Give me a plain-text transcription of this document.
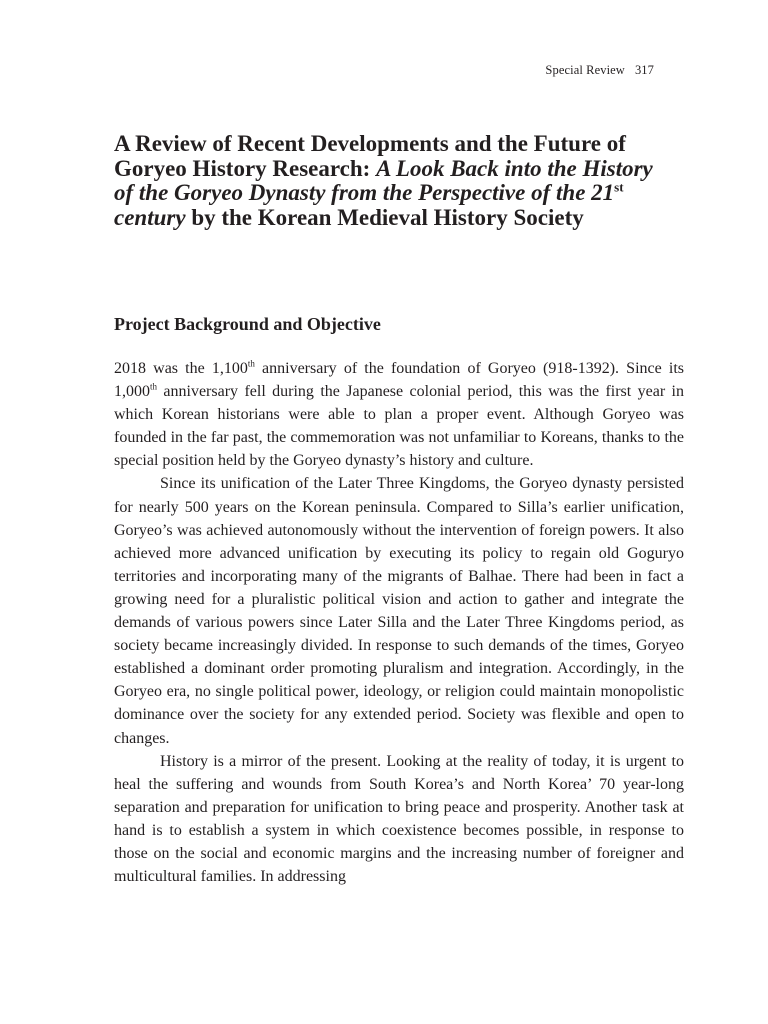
Special Review 317
A Review of Recent Developments and the Future of Goryeo History Research: A Look Back into the History of the Goryeo Dynasty from the Perspective of the 21st century by the Korean Medieval History Society
Project Background and Objective

2018 was the 1,100th anniversary of the foundation of Goryeo (918-1392). Since its 1,000th anniversary fell during the Japanese colonial period, this was the first year in which Korean historians were able to plan a proper event. Although Goryeo was founded in the far past, the commemoration was not unfamiliar to Koreans, thanks to the special position held by the Goryeo dynasty’s history and culture.

Since its unification of the Later Three Kingdoms, the Goryeo dynasty persisted for nearly 500 years on the Korean peninsula. Compared to Silla’s earlier unification, Goryeo’s was achieved autonomously without the intervention of foreign powers. It also achieved more advanced unification by executing its policy to regain old Goguryo territories and incorporating many of the migrants of Balhae. There had been in fact a growing need for a pluralistic political vision and action to gather and integrate the demands of various powers since Later Silla and the Later Three Kingdoms period, as society became increasingly divided. In response to such demands of the times, Goryeo established a dominant order promoting pluralism and integration. Accordingly, in the Goryeo era, no single political power, ideology, or religion could maintain monopolistic dominance over the society for any extended period. Society was flexible and open to changes.

History is a mirror of the present. Looking at the reality of today, it is urgent to heal the suffering and wounds from South Korea’s and North Korea’ 70 year-long separation and preparation for unification to bring peace and prosperity. Another task at hand is to establish a system in which coexistence becomes possible, in response to those on the social and economic margins and the increasing number of foreigner and multicultural families. In addressing
